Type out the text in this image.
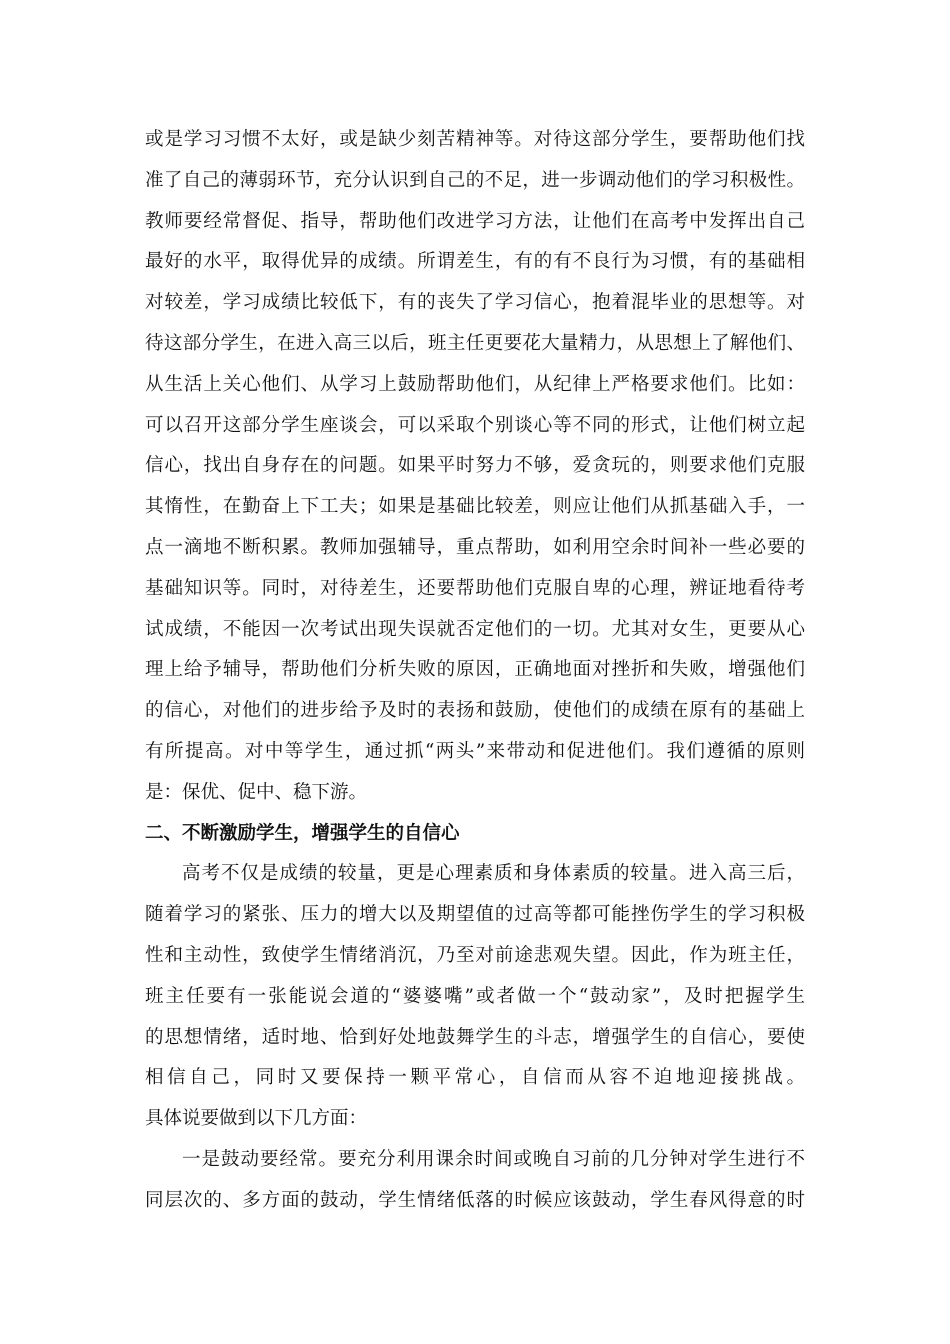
或是学习习惯不太好，或是缺少刻苦精神等。对待这部分学生，要帮助他们找
准了自己的薄弱环节，充分认识到自己的不足，进一步调动他们的学习积极性。
教师要经常督促、指导，帮助他们改进学习方法，让他们在高考中发挥出自己
最好的水平，取得优异的成绩。所谓差生，有的有不良行为习惯，有的基础相
对较差，学习成绩比较低下，有的丧失了学习信心，抱着混毕业的思想等。对
待这部分学生，在进入高三以后，班主任更要花大量精力，从思想上了解他们、
从生活上关心他们、从学习上鼓励帮助他们，从纪律上严格要求他们。比如：
可以召开这部分学生座谈会，可以采取个别谈心等不同的形式，让他们树立起
信心，找出自身存在的问题。如果平时努力不够，爱贪玩的，则要求他们克服
其惰性，在勤奋上下工夫；如果是基础比较差，则应让他们从抓基础入手，一
点一滴地不断积累。教师加强辅导，重点帮助，如利用空余时间补一些必要的
基础知识等。同时，对待差生，还要帮助他们克服自卑的心理，辨证地看待考
试成绩，不能因一次考试出现失误就否定他们的一切。尤其对女生，更要从心
理上给予辅导，帮助他们分析失败的原因，正确地面对挫折和失败，增强他们
的信心，对他们的进步给予及时的表扬和鼓励，使他们的成绩在原有的基础上
有所提高。对中等学生，通过抓“两头”来带动和促进他们。我们遵循的原则
是：保优、促中、稳下游。
二、不断激励学生，增强学生的自信心
高考不仅是成绩的较量，更是心理素质和身体素质的较量。进入高三后，
随着学习的紧张、压力的增大以及期望值的过高等都可能挫伤学生的学习积极
性和主动性，致使学生情绪消沉，乃至对前途悲观失望。因此，作为班主任，
班主任要有一张能说会道的“婆婆嘴”或者做一个“鼓动家”，及时把握学生
的思想情绪，适时地、恰到好处地鼓舞学生的斗志，增强学生的自信心，要使
相信自己，同时又要保持一颗平常心，自信而从容不迫地迎接挑战。
具体说要做到以下几方面：
一是鼓动要经常。要充分利用课余时间或晚自习前的几分钟对学生进行不
同层次的、多方面的鼓动，学生情绪低落的时候应该鼓动，学生春风得意的时
